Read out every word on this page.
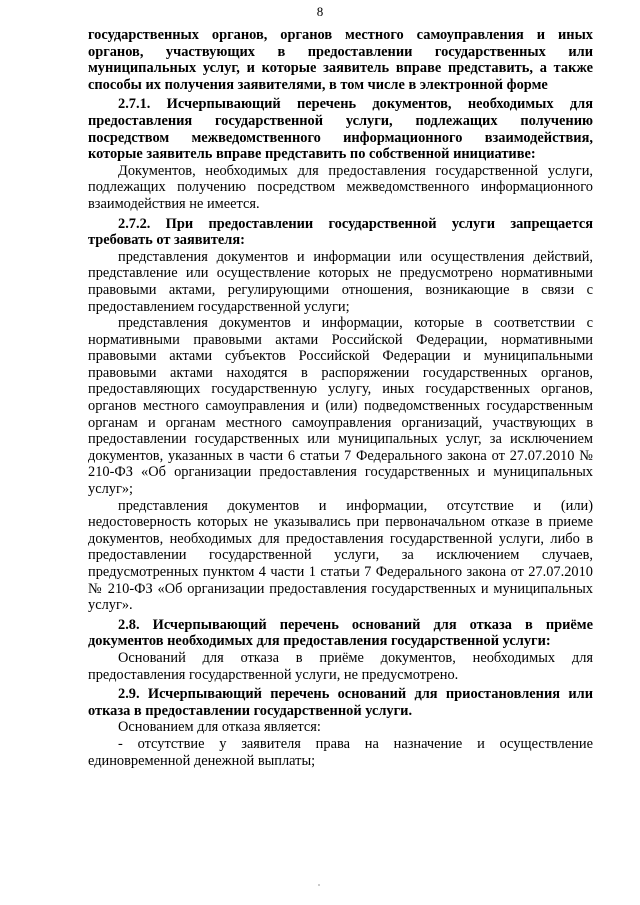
8

государственных органов, органов местного самоуправления и иных органов, участвующих в предоставлении государственных или муниципальных услуг, и которые заявитель вправе представить, а также способы их получения заявителями, в том числе в электронной форме

2.7.1. Исчерпывающий перечень документов, необходимых для предоставления государственной услуги, подлежащих получению посредством межведомственного информационного взаимодействия, которые заявитель вправе представить по собственной инициативе:

Документов, необходимых для предоставления государственной услуги, подлежащих получению посредством межведомственного информационного взаимодействия не имеется.

2.7.2. При предоставлении государственной услуги запрещается требовать от заявителя:

представления документов и информации или осуществления действий, представление или осуществление которых не предусмотрено нормативными правовыми актами, регулирующими отношения, возникающие в связи с предоставлением государственной услуги;

представления документов и информации, которые в соответствии с нормативными правовыми актами Российской Федерации, нормативными правовыми актами субъектов Российской Федерации и муниципальными правовыми актами находятся в распоряжении государственных органов, предоставляющих государственную услугу, иных государственных органов, органов местного самоуправления и (или) подведомственных государственным органам и органам местного самоуправления организаций, участвующих в предоставлении государственных или муниципальных услуг, за исключением документов, указанных в части 6 статьи 7 Федерального закона от 27.07.2010 № 210-ФЗ «Об организации предоставления государственных и муниципальных услуг»;

представления документов и информации, отсутствие и (или) недостоверность которых не указывались при первоначальном отказе в приеме документов, необходимых для предоставления государственной услуги, либо в предоставлении государственной услуги, за исключением случаев, предусмотренных пунктом 4 части 1 статьи 7 Федерального закона от 27.07.2010 № 210-ФЗ «Об организации предоставления государственных и муниципальных услуг».

2.8. Исчерпывающий перечень оснований для отказа в приёме документов необходимых для предоставления государственной услуги:

Оснований для отказа в приёме документов, необходимых для предоставления государственной услуги, не предусмотрено.

2.9. Исчерпывающий перечень оснований для приостановления или отказа в предоставлении государственной услуги.

Основанием для отказа является:

- отсутствие у заявителя права на назначение и осуществление единовременной денежной выплаты;
